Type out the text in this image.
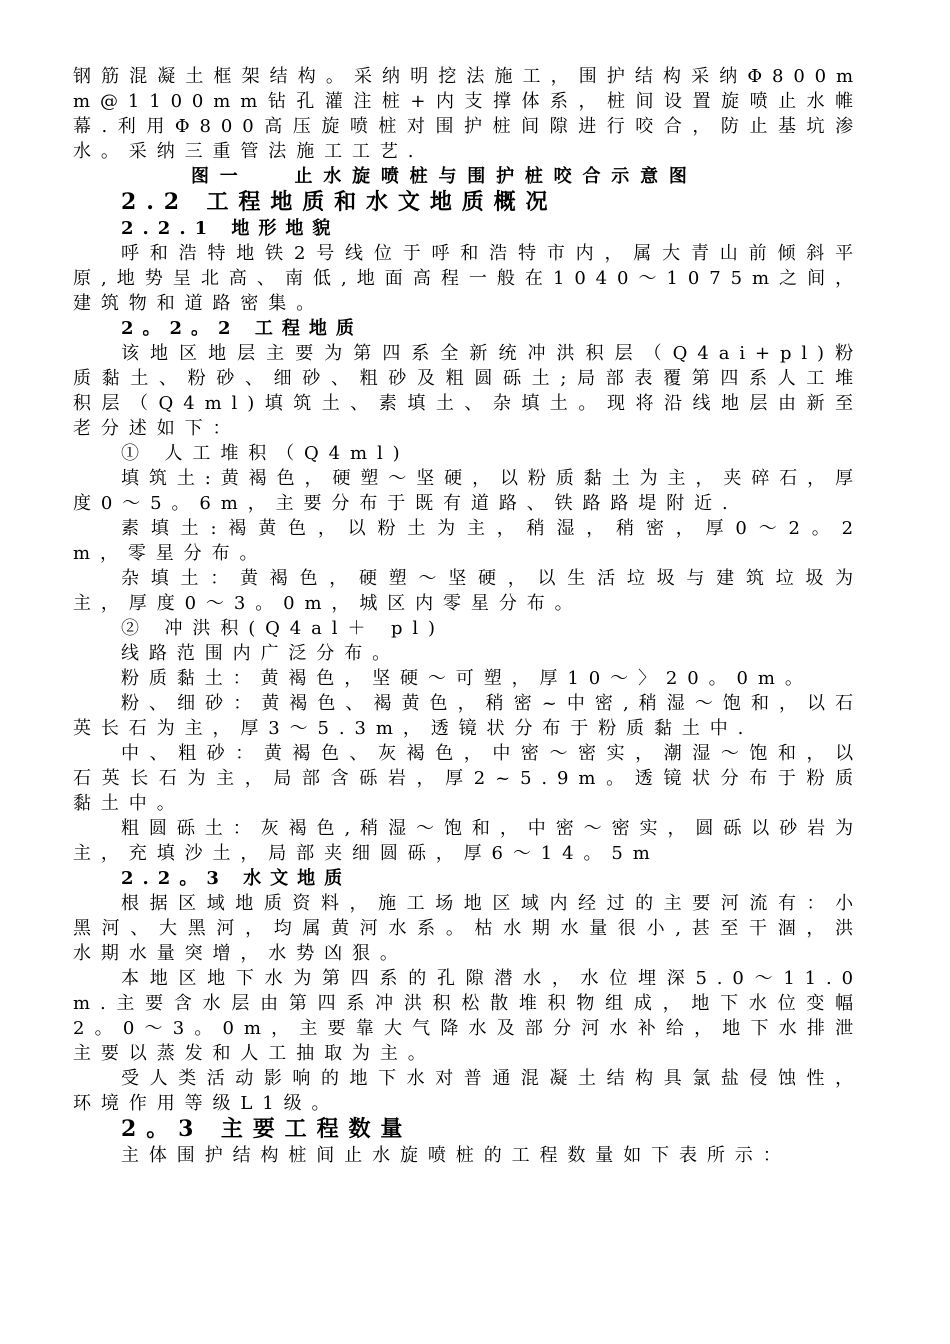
钢筋混凝土框架结构。采纳明挖法施工，围护结构采纳Φ800mm@1100mm钻孔灌注桩+内支撑体系，桩间设置旋喷止水帷幕.利用Φ800高压旋喷桩对围护桩间隙进行咬合，防止基坑渗水。采纳三重管法施工工艺.

图一　 止水旋喷桩与围护桩咬合示意图

2.2 工程地质和水文地质概况

2.2.1 地形地貌

呼和浩特地铁2号线位于呼和浩特市内，属大青山前倾斜平原,地势呈北高、南低,地面高程一般在1040～1075m之间，建筑物和道路密集。

2。2。2 工程地质

该地区地层主要为第四系全新统冲洪积层（Q4ai+pl)粉质黏土、粉砂、细砂、粗砂及粗圆砾土;局部表覆第四系人工堆积层（Q4ml)填筑土、素填土、杂填土。现将沿线地层由新至老分述如下：

① 人工堆积（Q4ml)

填筑土:黄褐色，硬塑～坚硬，以粉质黏土为主，夹碎石，厚度0～5。6m，主要分布于既有道路、铁路路堤附近.

素填土:褐黄色，以粉土为主，稍湿，稍密，厚0～2。2m，零星分布。

杂填土：黄褐色，硬塑～坚硬，以生活垃圾与建筑垃圾为主，厚度0～3。0m，城区内零星分布。

② 冲洪积(Q4al＋ pl)

线路范围内广泛分布。

粉质黏土：黄褐色，坚硬～可塑，厚10～〉20。0m。

粉、细砂：黄褐色、褐黄色，稍密~中密,稍湿～饱和，以石英长石为主，厚3～5.3m，透镜状分布于粉质黏土中.

中、粗砂：黄褐色、灰褐色，中密～密实，潮湿～饱和，以石英长石为主，局部含砾岩，厚2~5.9m。透镜状分布于粉质黏土中。

粗圆砾土：灰褐色,稍湿～饱和，中密～密实，圆砾以砂岩为主，充填沙土，局部夹细圆砾，厚6～14。5m

2.2。3 水文地质

根据区域地质资料，施工场地区域内经过的主要河流有：小黑河、大黑河，均属黄河水系。枯水期水量很小,甚至干涸，洪水期水量突增，水势凶狠。

本地区地下水为第四系的孔隙潜水，水位埋深5.0～11.0m.主要含水层由第四系冲洪积松散堆积物组成，地下水位变幅2。0～3。0m，主要靠大气降水及部分河水补给，地下水排泄主要以蒸发和人工抽取为主。

受人类活动影响的地下水对普通混凝土结构具氯盐侵蚀性，环境作用等级L1级。

2。3 主要工程数量

主体围护结构桩间止水旋喷桩的工程数量如下表所示：
